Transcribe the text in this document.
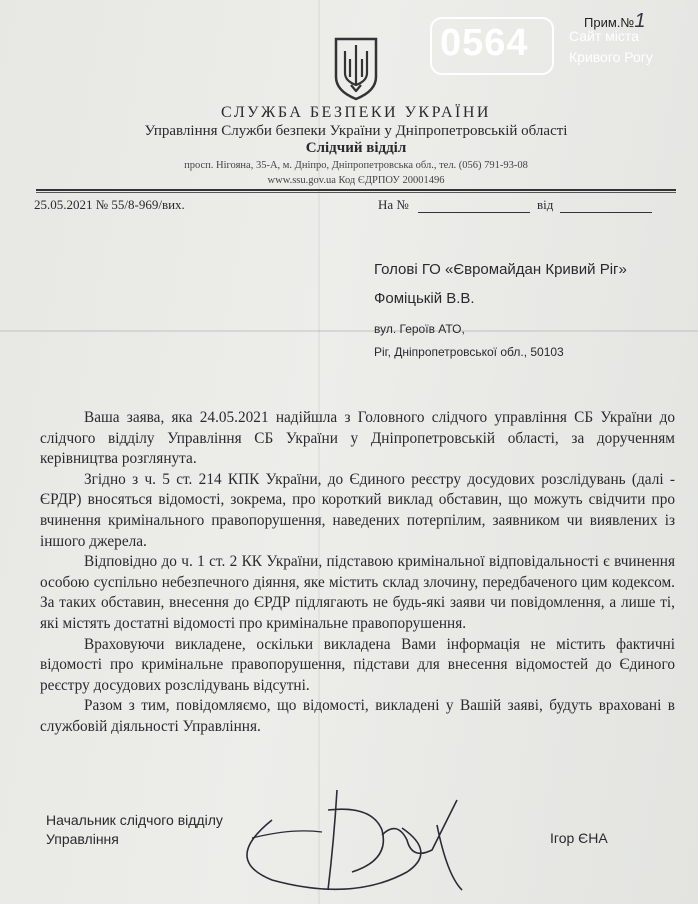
СЛУЖБА БЕЗПЕКИ УКРАЇНИ
Управління Служби безпеки України у Дніпропетровській області
Слідчий відділ
просп. Нігояна, 35-А, м. Дніпро, Дніпропетровська обл., тел. (056) 791-93-08
www.ssu.gov.ua Код ЄДРПОУ 20001496
25.05.2021 № 55/8-969/вих.	На №	від
Прим.№1
0564	Сайт міста
Кривого Рогу
Голові ГО «Євромайдан Кривий Ріг»
Фоміцькій В.В.
вул. Героїв АТО,
Ріг, Дніпропетровської обл., 50103

Ваша заява, яка 24.05.2021 надійшла з Головного слідчого управління СБ України до слідчого відділу Управління СБ України у Дніпропетровській області, за дорученням керівництва розглянута.

Згідно з ч. 5 ст. 214 КПК України, до Єдиного реєстру досудових розслідувань (далі - ЄРДР) вносяться відомості, зокрема, про короткий виклад обставин, що можуть свідчити про вчинення кримінального правопорушення, наведених потерпілим, заявником чи виявлених із іншого джерела.

Відповідно до ч. 1 ст. 2 КК України, підставою кримінальної відповідальності є вчинення особою суспільно небезпечного діяння, яке містить склад злочину, передбаченого цим кодексом. За таких обставин, внесення до ЄРДР підлягають не будь-які заяви чи повідомлення, а лише ті, які містять достатні відомості про кримінальне правопорушення.

Враховуючи викладене, оскільки викладена Вами інформація не містить фактичні відомості про кримінальне правопорушення, підстави для внесення відомостей до Єдиного реєстру досудових розслідувань відсутні.

Разом з тим, повідомляємо, що відомості, викладені у Вашій заяві, будуть враховані в службовій діяльності Управління.

Начальник слідчого відділу
Управління	Ігор ЄНА
